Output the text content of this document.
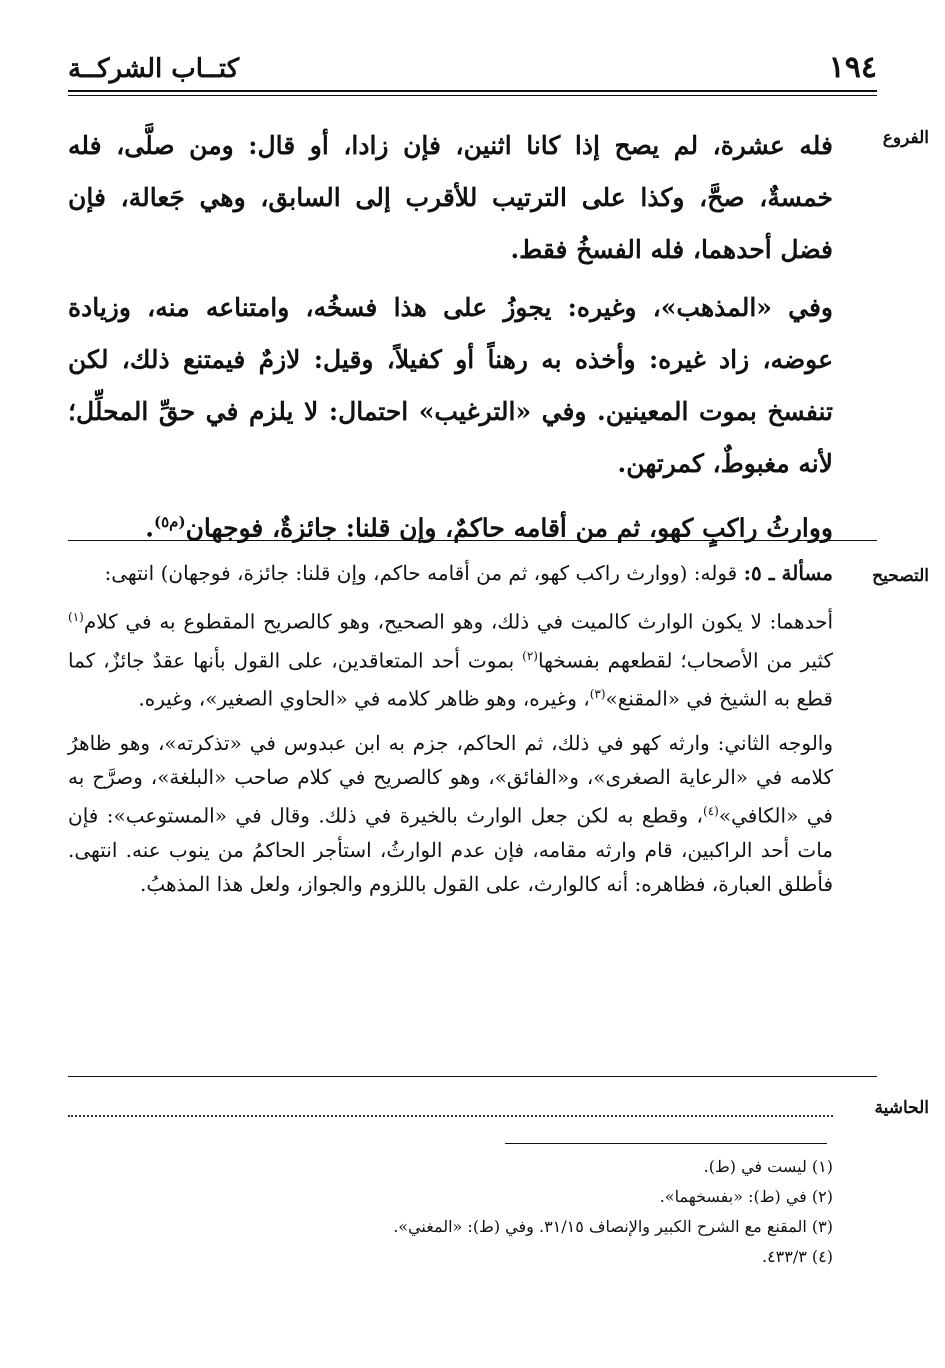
١٩٤
كتــاب الشركــة
الفروع

فله عشرة، لم يصح إذا كانا اثنين، فإن زادا، أو قال: ومن صلَّى، فله خمسةٌ، صحَّ، وكذا على الترتيب للأقرب إلى السابق، وهي جَعالة، فإن فضل أحدهما، فله الفسخُ فقط.

وفي «المذهب»، وغيره: يجوزُ على هذا فسخُه، وامتناعه منه، وزيادة عوضه، زاد غيره: وأخذه به رهناً أو كفيلاً، وقيل: لازمٌ فيمتنع ذلك، لكن تنفسخ بموت المعينين. وفي «الترغيب» احتمال: لا يلزم في حقِّ المحلِّل؛ لأنه مغبوطٌ، كمرتهن.

ووارثُ راكبٍ كهو، ثم من أقامه حاكمٌ، وإن قلنا: جائزةٌ، فوجهان$^{(م٥)}$.

التصحيح

مسألة ـ ٥: قوله: (ووارث راكب كهو، ثم من أقامه حاكم، وإن قلنا: جائزة، فوجهان) انتهى:

أحدهما: لا يكون الوارث كالميت في ذلك، وهو الصحيح، وهو كالصريح المقطوع به في كلام$^{(١)}$ كثير من الأصحاب؛ لقطعهم بفسخها$^{(٢)}$ بموت أحد المتعاقدين، على القول بأنها عقدٌ جائزٌ، كما قطع به الشيخ في «المقنع»$^{(٣)}$، وغيره، وهو ظاهر كلامه في «الحاوي الصغير»، وغيره.

والوجه الثاني: وارثه كهو في ذلك، ثم الحاكم، جزم به ابن عبدوس في «تذكرته»، وهو ظاهرُ كلامه في «الرعاية الصغرى»، و«الفائق»، وهو كالصريح في كلام صاحب «البلغة»، وصرَّح به في «الكافي»$^{(٤)}$، وقطع به لكن جعل الوارث بالخيرة في ذلك. وقال في «المستوعب»: فإن مات أحد الراكبين، قام وارثه مقامه، فإن عدم الوارثُ، استأجر الحاكمُ من ينوب عنه. انتهى. فأطلق العبارة، فظاهره: أنه كالوارث، على القول باللزوم والجواز، ولعل هذا المذهبُ.

الحاشية
(١) ليست في (ط).
(٢) في (ط): «بفسخهما».
(٣) المقنع مع الشرح الكبير والإنصاف ٣١/١٥. وفي (ط): «المغني».
(٤) ٤٣٣/٣.
